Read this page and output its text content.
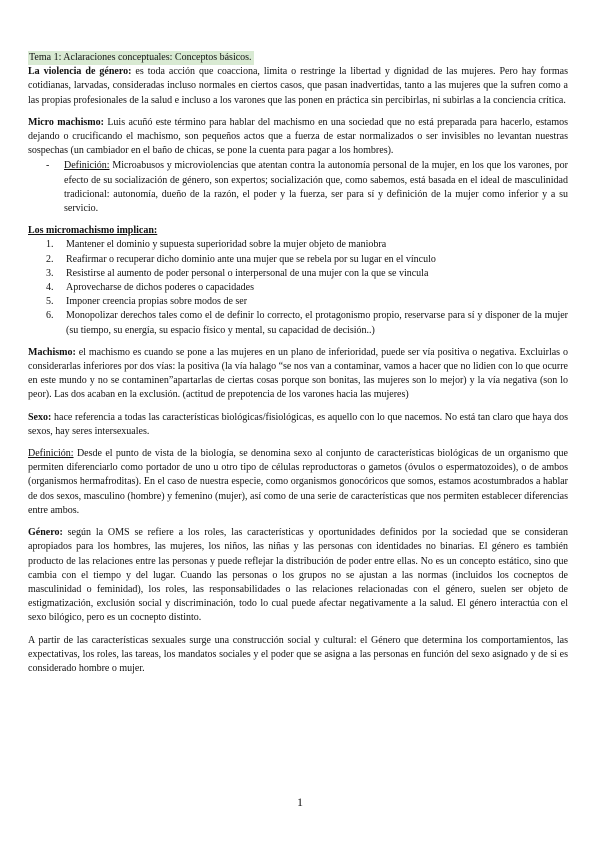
Tema 1: Aclaraciones conceptuales: Conceptos básicos.
La violencia de género: es toda acción que coacciona, limita o restringe la libertad y dignidad de las mujeres. Pero hay formas cotidianas, larvadas, consideradas incluso normales en ciertos casos, que pasan inadvertidas, tanto a las mujeres que la sufren como a las propias profesionales de la salud e incluso a los varones que las ponen en práctica sin percibirlas, ni subirlas a la conciencia crítica.

Micro machismo: Luis acuñó este término para hablar del machismo en una sociedad que no está preparada para hacerlo, estamos dejando o crucificando el machismo, son pequeños actos que a fuerza de estar normalizados o ser invisibles no levantan nuestras sospechas (un cambiador en el baño de chicas, se pone la cuenta para pagar a los hombres).

-	Definición: Microabusos y microviolencias que atentan contra la autonomía personal de la mujer, en los que los varones, por efecto de su socialización de género, son expertos; socialización que, como sabemos, está basada en el ideal de masculinidad tradicional: autonomía, dueño de la razón, el poder y la fuerza, ser para sí y definición de la mujer como inferior y a su servicio.

Los micromachismo implican:

1.	Mantener el dominio y supuesta superioridad sobre la mujer objeto de maniobra
2.	Reafirmar o recuperar dicho dominio ante una mujer que se rebela por su lugar en el vínculo
3.	Resistirse al aumento de poder personal o interpersonal de una mujer con la que se vincula
4.	Aprovecharse de dichos poderes o capacidades
5.	Imponer creencia propias sobre modos de ser
6.	Monopolizar derechos tales como el de definir lo correcto, el protagonismo propio, reservarse para sí y disponer de la mujer (su tiempo, su energía, su espacio físico y mental, su capacidad de decisión..)

Machismo: el machismo es cuando se pone a las mujeres en un plano de inferioridad, puede ser vía positiva o negativa. Excluirlas o considerarlas inferiores por dos vías: la positiva (la vía halago “se nos van a contaminar, vamos a hacer que no lidien con lo que ocurre en este mundo y no se contaminen”apartarlas de ciertas cosas porque son bonitas, las mujeres son lo mejor) y la vía negativa (son lo peor). Las dos acaban en la exclusión. (actitud de prepotencia de los varones hacia las mujeres)

Sexo: hace referencia a todas las características biológicas/fisiológicas, es aquello con lo que nacemos. No está tan claro que haya dos sexos, hay seres intersexuales.

Definición: Desde el punto de vista de la biología, se denomina sexo al conjunto de características biológicas de un organismo que permiten diferenciarlo como portador de uno u otro tipo de células reproductoras o gametos (óvulos o espermatozoides), o de ambos (organismos hermafroditas). En el caso de nuestra especie, como organismos gonocóricos que somos, estamos acostumbrados a hablar de dos sexos, masculino (hombre) y femenino (mujer), así como de una serie de características que nos permiten establecer diferencias entre ambos.

Género: según la OMS se refiere a los roles, las características y oportunidades definidos por la sociedad que se consideran apropiados para los hombres, las mujeres, los niños, las niñas y las personas con identidades no binarias. El género es también producto de las relaciones entre las personas y puede reflejar la distribución de poder entre ellas. No es un concepto estático, sino que cambia con el tiempo y del lugar. Cuando las personas o los grupos no se ajustan a las normas (incluidos los cocneptos de masculinidad o feminidad), los roles, las responsabilidades o las relaciones relacionadas con el género, suelen ser objeto de estigmatización, exclusión social y discriminación, todo lo cual puede afectar negativamente a la salud. El género interactúa con el sexo bilógico, pero es un cocnepto distinto.

A partir de las características sexuales surge una construcción social y cultural: el Género que determina los comportamientos, las expectativas, los roles, las tareas, los mandatos sociales y el poder que se asigna a las personas en función del sexo asignado y de si es considerado hombre o mujer.

1
